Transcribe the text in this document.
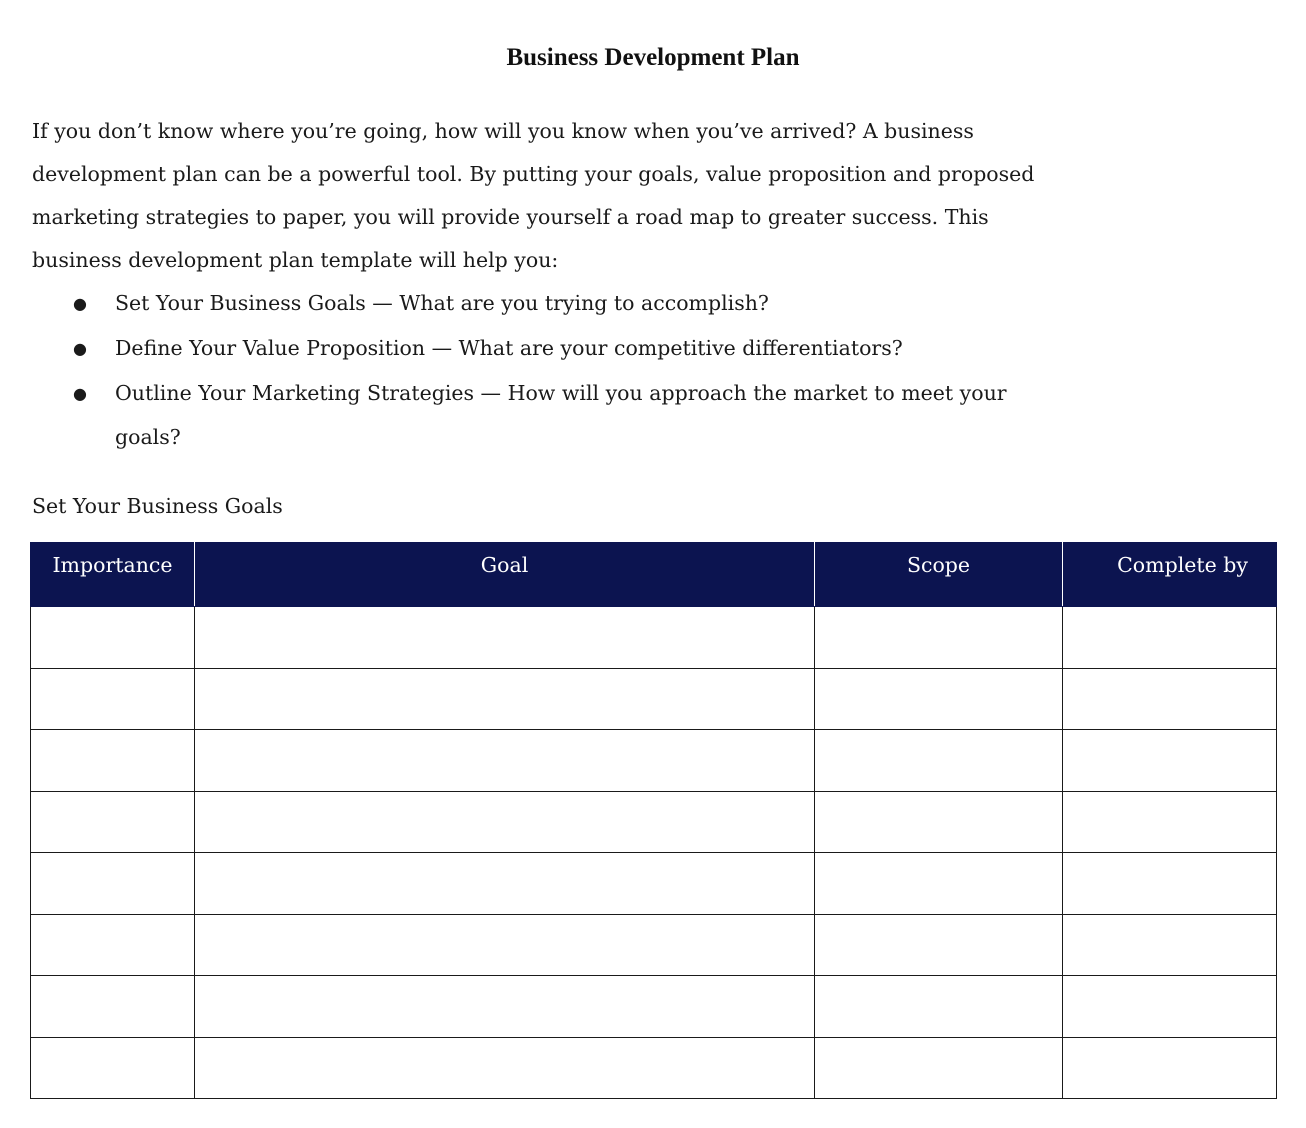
Business Development Plan

If you don’t know where you’re going, how will you know when you’ve arrived? A business
development plan can be a powerful tool. By putting your goals, value proposition and proposed
marketing strategies to paper, you will provide yourself a road map to greater success. This
business development plan template will help you:

● Set Your Business Goals — What are you trying to accomplish?
● Define Your Value Proposition — What are your competitive differentiators?
● Outline Your Marketing Strategies — How will you approach the market to meet your goals?

Set Your Business Goals

Importance	Goal	Scope	Complete by
